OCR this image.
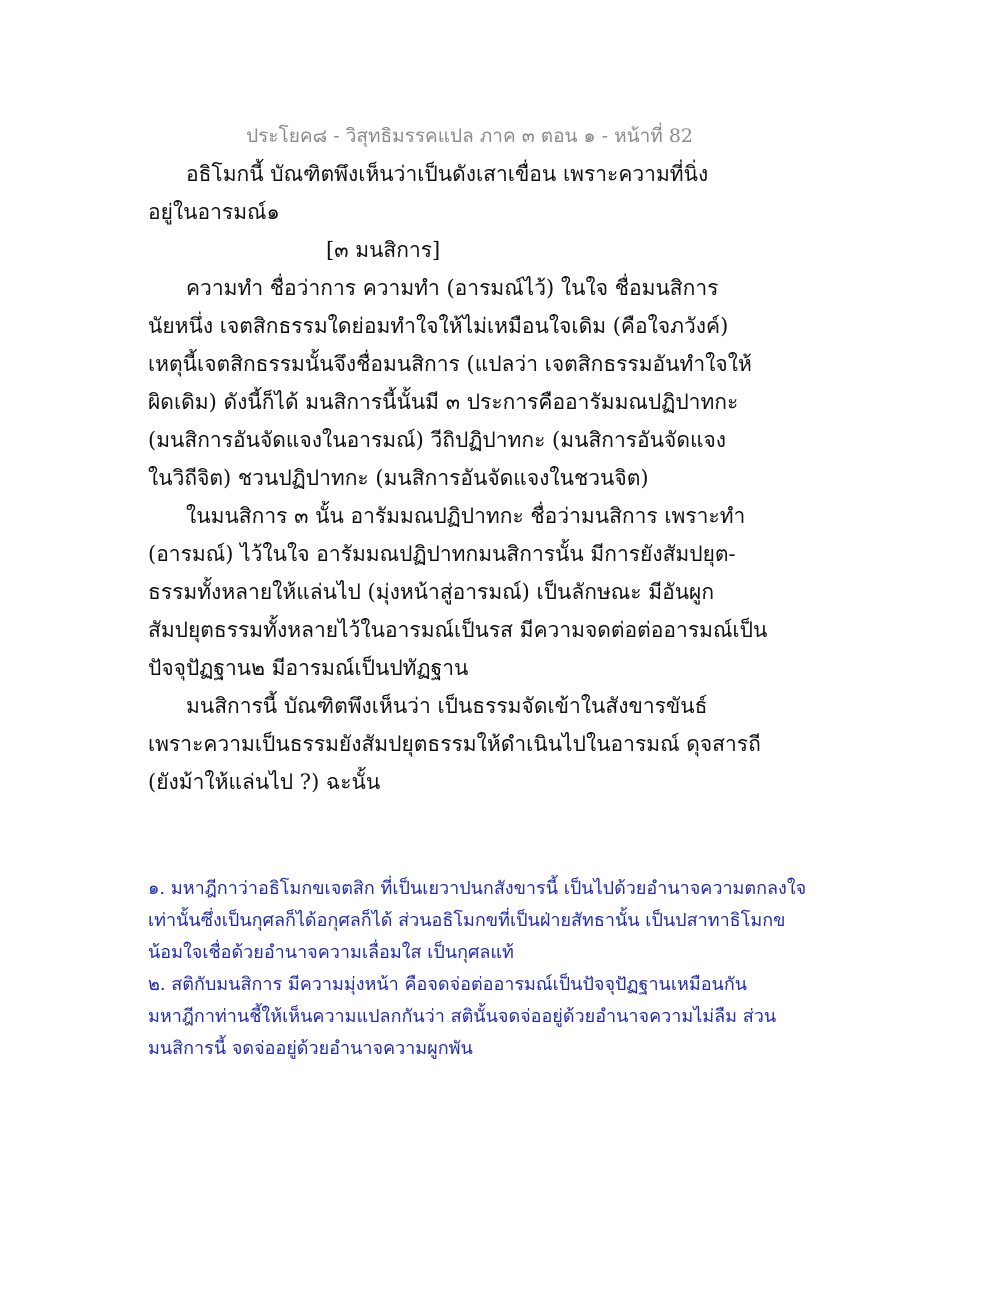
ประโยค๘ - วิสุทธิมรรคแปล ภาค ๓ ตอน ๑ - หน้าที่ 82
อธิโมกนี้ บัณฑิตพึงเห็นว่าเป็นดังเสาเขื่อน เพราะความที่นิ่ง
อยู่ในอารมณ์๑
[๓ มนสิการ]
ความทำ ชื่อว่าการ ความทำ (อารมณ์ไว้) ในใจ ชื่อมนสิการ
นัยหนึ่ง เจตสิกธรรมใดย่อมทำใจให้ไม่เหมือนใจเดิม (คือใจภวังค์)
เหตุนี้เจตสิกธรรมนั้นจึงชื่อมนสิการ (แปลว่า เจตสิกธรรมอันทำใจให้
ผิดเดิม) ดังนี้ก็ได้ มนสิการนี้นั้นมี ๓ ประการคืออารัมมณปฏิปาทกะ
(มนสิการอันจัดแจงในอารมณ์) วีถิปฏิปาทกะ (มนสิการอันจัดแจง
ในวิถีจิต) ชวนปฏิปาทกะ (มนสิการอันจัดแจงในชวนจิต)
ในมนสิการ ๓ นั้น อารัมมณปฏิปาทกะ ชื่อว่ามนสิการ เพราะทำ
(อารมณ์) ไว้ในใจ อารัมมณปฏิปาทกมนสิการนั้น มีการยังสัมปยุต-
ธรรมทั้งหลายให้แล่นไป (มุ่งหน้าสู่อารมณ์) เป็นลักษณะ มีอันผูก
สัมปยุตธรรมทั้งหลายไว้ในอารมณ์เป็นรส มีความจดต่อต่ออารมณ์เป็น
ปัจจุปัฏฐาน๒ มีอารมณ์เป็นปทัฏฐาน
มนสิการนี้ บัณฑิตพึงเห็นว่า เป็นธรรมจัดเข้าในสังขารขันธ์
เพราะความเป็นธรรมยังสัมปยุตธรรมให้ดำเนินไปในอารมณ์ ดุจสารถี
(ยังม้าให้แล่นไป ?) ฉะนั้น
๑. มหาฎีกาว่าอธิโมกขเจตสิก ที่เป็นเยวาปนกสังขารนี้ เป็นไปด้วยอำนาจความตกลงใจ
เท่านั้นซึ่งเป็นกุศลก็ได้อกุศลก็ได้ ส่วนอธิโมกขที่เป็นฝ่ายสัทธานั้น เป็นปสาทาธิโมกข
น้อมใจเชื่อด้วยอำนาจความเลื่อมใส เป็นกุศลแท้
๒. สติกับมนสิการ มีความมุ่งหน้า คือจดจ่อต่ออารมณ์เป็นปัจจุปัฏฐานเหมือนกัน
มหาฎีกาท่านชี้ให้เห็นความแปลกกันว่า สตินั้นจดจ่ออยู่ด้วยอำนาจความไม่ลืม ส่วน
มนสิการนี้ จดจ่ออยู่ด้วยอำนาจความผูกพัน
